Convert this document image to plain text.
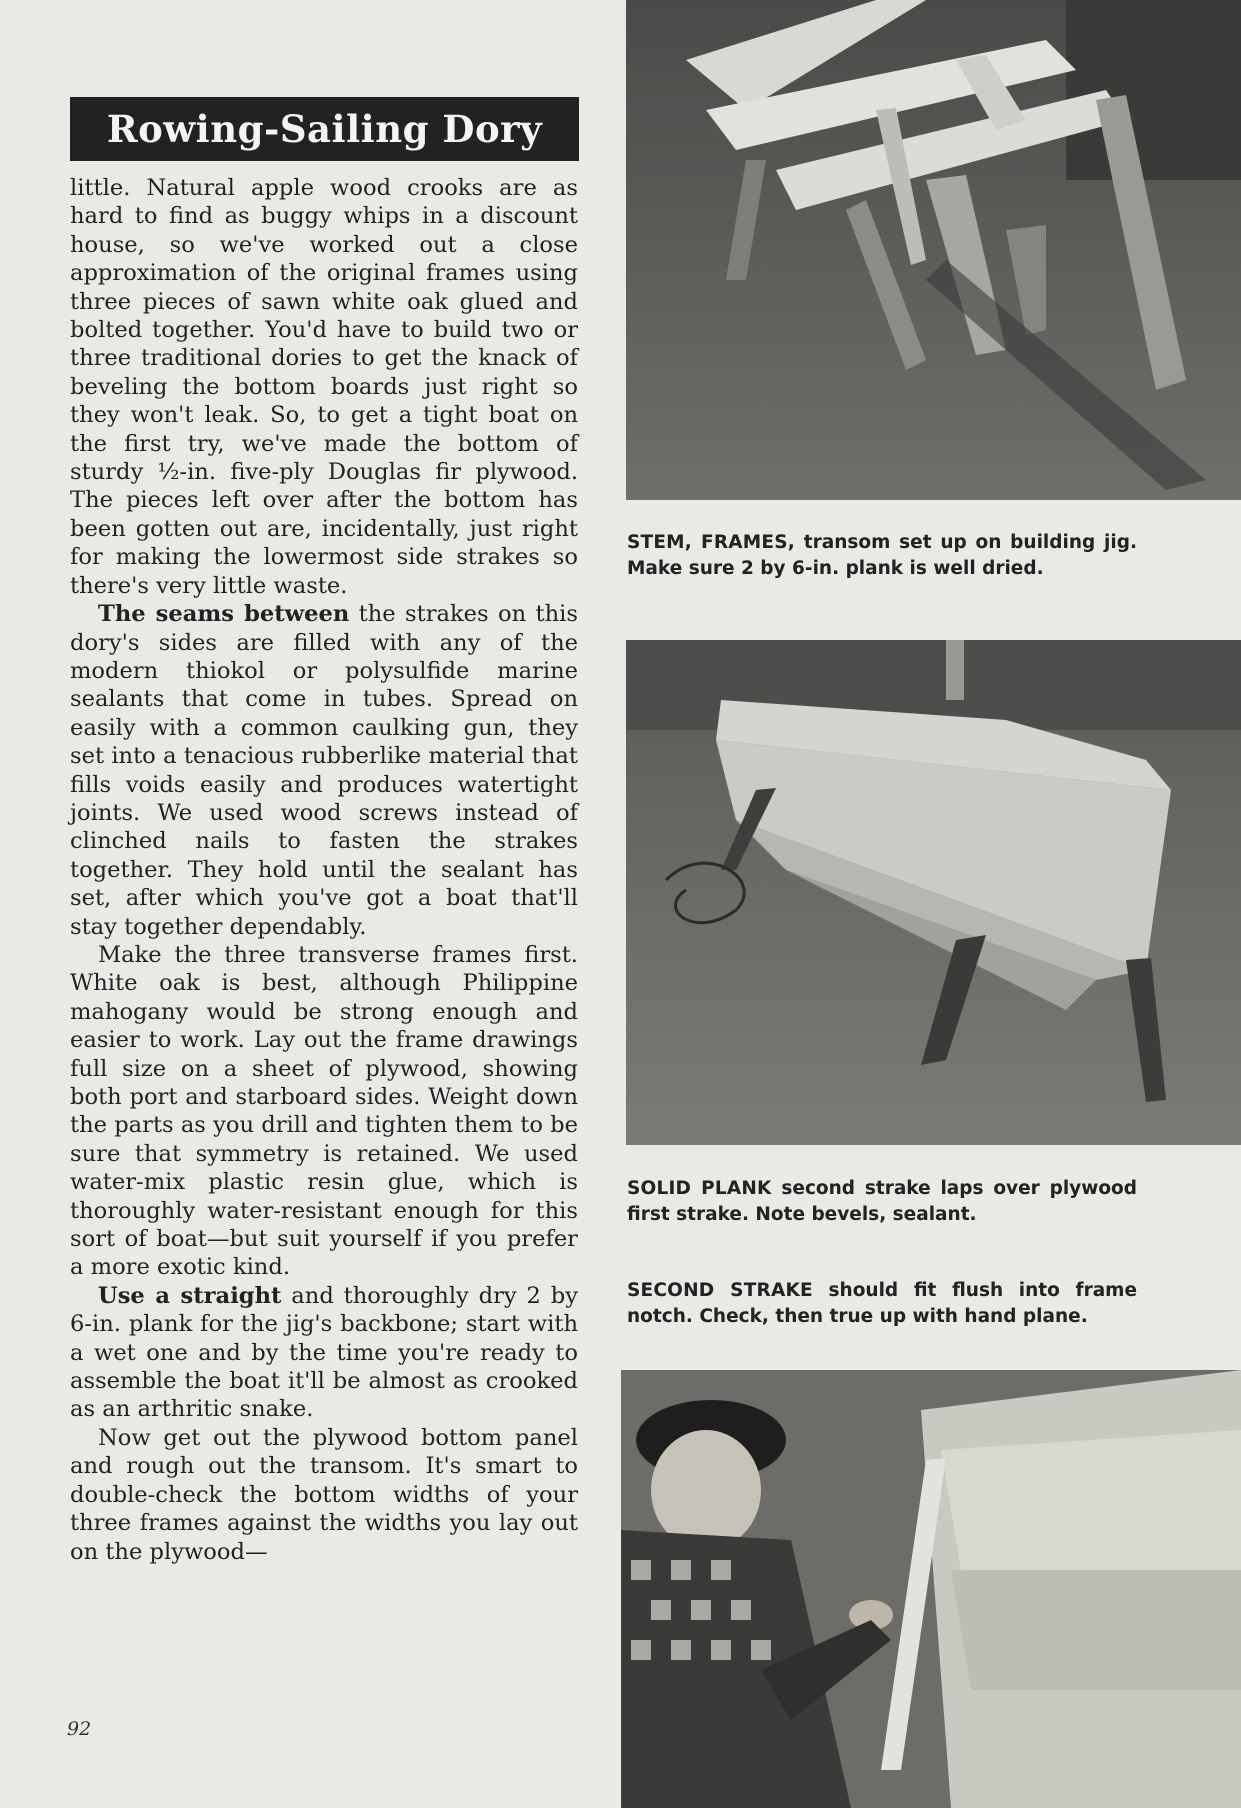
Rowing-Sailing Dory

little. Natural apple wood crooks are as hard to find as buggy whips in a discount house, so we've worked out a close approximation of the original frames using three pieces of sawn white oak glued and bolted together. You'd have to build two or three traditional dories to get the knack of beveling the bottom boards just right so they won't leak. So, to get a tight boat on the first try, we've made the bottom of sturdy ½-in. five-ply Douglas fir plywood. The pieces left over after the bottom has been gotten out are, incidentally, just right for making the lowermost side strakes so there's very little waste.

The seams between the strakes on this dory's sides are filled with any of the modern thiokol or polysulfide marine sealants that come in tubes. Spread on easily with a common caulking gun, they set into a tenacious rubberlike material that fills voids easily and produces watertight joints. We used wood screws instead of clinched nails to fasten the strakes together. They hold until the sealant has set, after which you've got a boat that'll stay together dependably.

Make the three transverse frames first. White oak is best, although Philippine mahogany would be strong enough and easier to work. Lay out the frame drawings full size on a sheet of plywood, showing both port and starboard sides. Weight down the parts as you drill and tighten them to be sure that symmetry is retained. We used water-mix plastic resin glue, which is thoroughly water-resistant enough for this sort of boat—but suit yourself if you prefer a more exotic kind.

Use a straight and thoroughly dry 2 by 6-in. plank for the jig's backbone; start with a wet one and by the time you're ready to assemble the boat it'll be almost as crooked as an arthritic snake.

Now get out the plywood bottom panel and rough out the transom. It's smart to double-check the bottom widths of your three frames against the widths you lay out on the plywood—

92
STEM, FRAMES, transom set up on building jig. Make sure 2 by 6-in. plank is well dried.
SOLID PLANK second strake laps over plywood first strake. Note bevels, sealant.
SECOND STRAKE should fit flush into frame notch. Check, then true up with hand plane.
